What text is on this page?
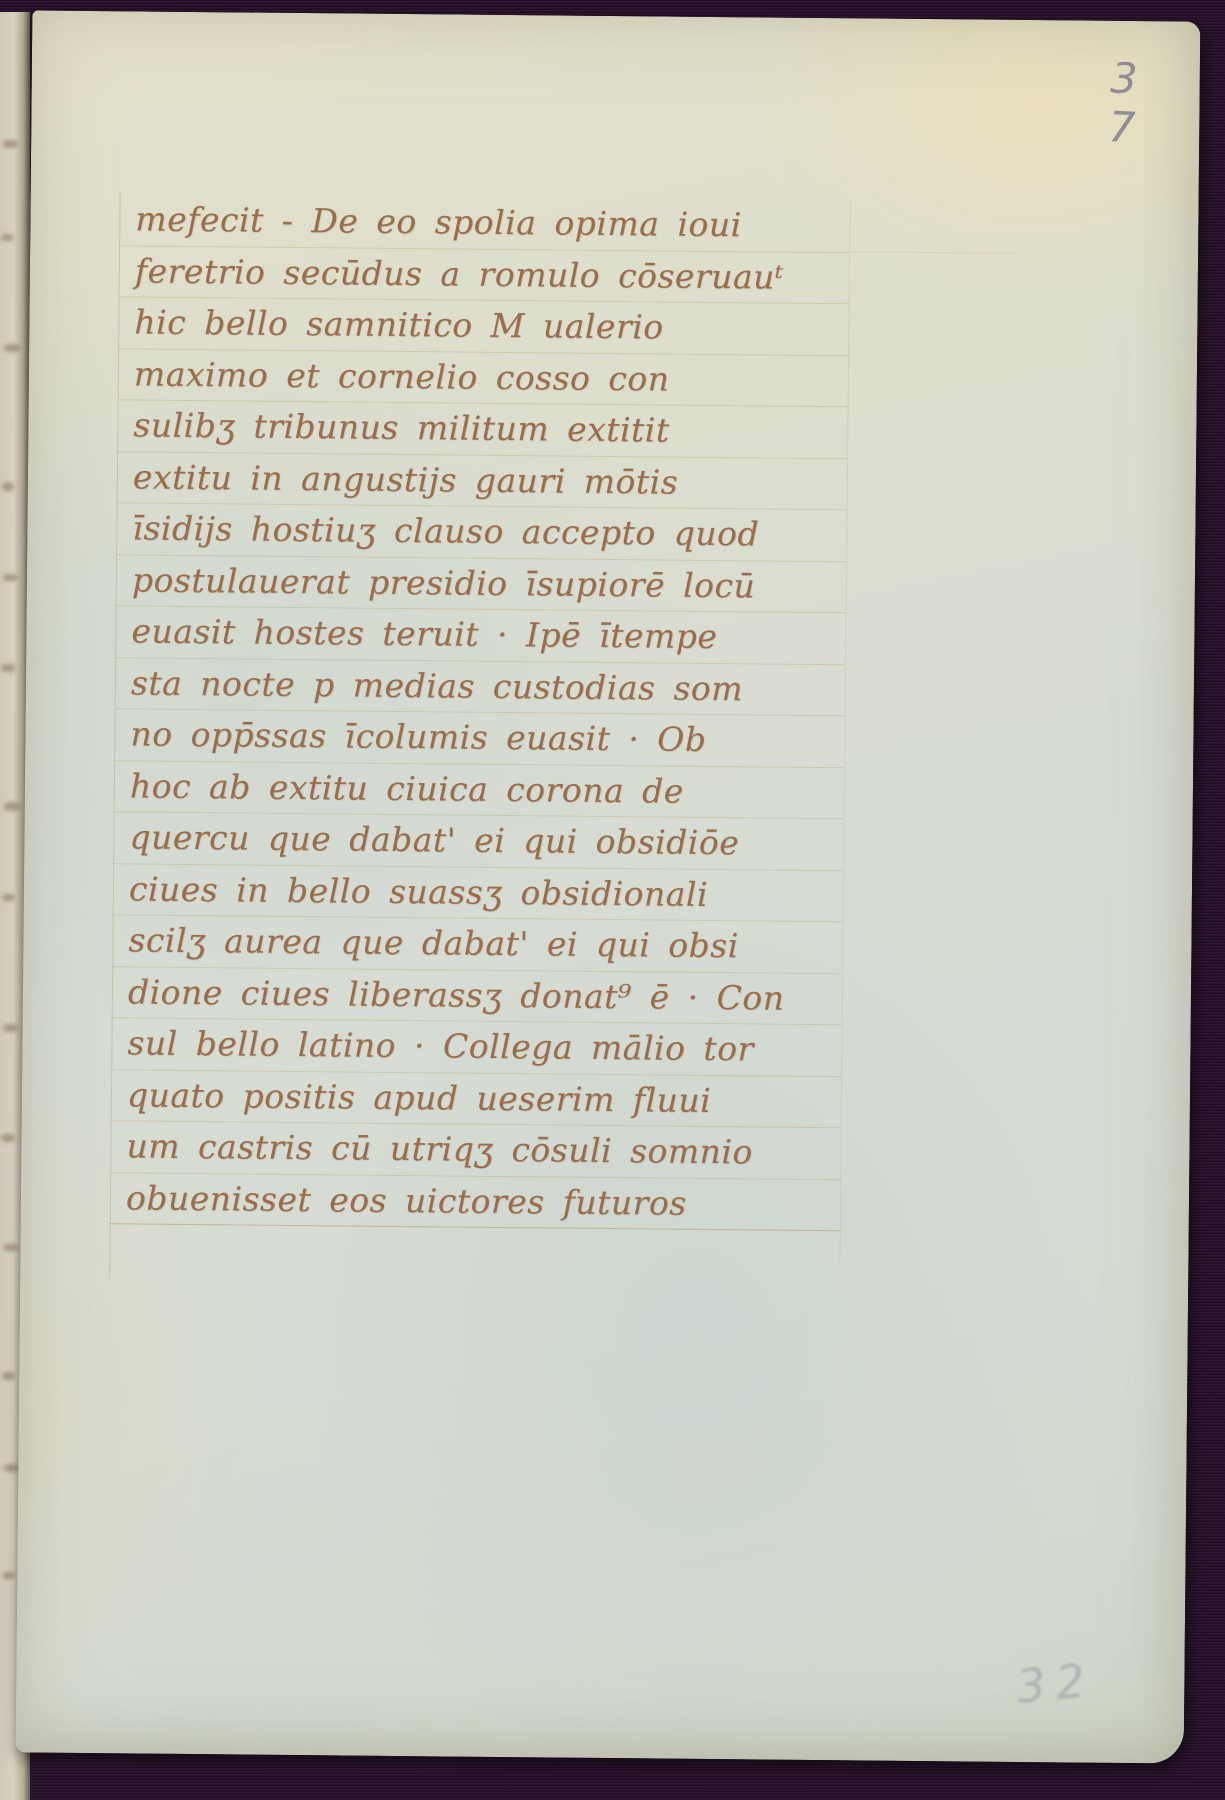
3 7
mefecit - De eo spolia opima ioui
feretrio secūdus a romulo cōseruauᵗ
hic bello samnitico M ualerio
maximo et cornelio cosso con
sulibʒ tribunus militum extitit
extitu in angustijs gauri mōtis
īsidijs hostiuʒ clauso accepto quod
postulauerat presidio īsupiorē locū
euasit hostes teruit · Ipē ītempe
sta nocte p medias custodias som
no opp̄ssas īcolumis euasit · Ob
hoc ab extitu ciuica corona de
quercu que dabat' ei qui obsidiōe
ciues in bello suassʒ obsidionali
scilʒ aurea que dabat' ei qui obsi
dione ciues liberassʒ donat⁹ ē · Con
sul bello latino · Collega mālio tor
quato positis apud ueserim fluui
um castris cū utriqʒ cōsuli somnio
obuenisset eos uictores futuros
32
